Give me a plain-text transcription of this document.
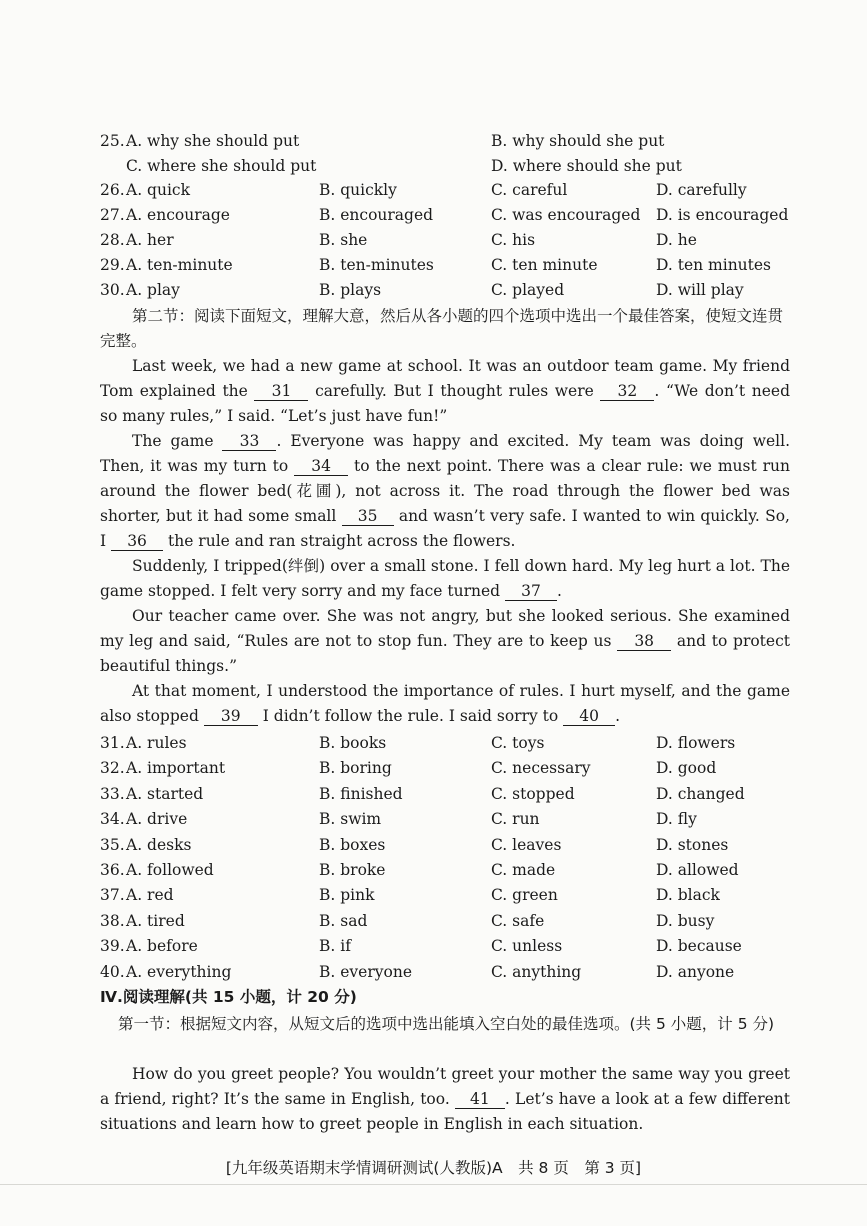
25. A. why she should put	B. why should she put
C. where she should put	D. where should she put
26. A. quick	B. quickly	C. careful	D. carefully
27. A. encourage	B. encouraged	C. was encouraged D. is encouraged
28. A. her	B. she	C. his	D. he
29. A. ten-minute	B. ten-minutes	C. ten minute	D. ten minutes
30. A. play	B. plays	C. played	D. will play
第二节：阅读下面短文，理解大意，然后从各小题的四个选项中选出一个最佳答案，使短文连贯完整。

Last week, we had a new game at school. It was an outdoor team game. My friend Tom explained the 31 carefully. But I thought rules were 32 . “We don’t need so many rules,” I said. “Let’s just have fun!”

The game 33 . Everyone was happy and excited. My team was doing well. Then, it was my turn to 34 to the next point. There was a clear rule: we must run around the flower bed(花圃), not across it. The road through the flower bed was shorter, but it had some small 35 and wasn’t very safe. I wanted to win quickly. So, I 36 the rule and ran straight across the flowers.

Suddenly, I tripped(绊倒) over a small stone. I fell down hard. My leg hurt a lot. The game stopped. I felt very sorry and my face turned 37 .

Our teacher came over. She was not angry, but she looked serious. She examined my leg and said, “Rules are not to stop fun. They are to keep us 38 and to protect beautiful things.”

At that moment, I understood the importance of rules. I hurt myself, and the game also stopped 39 I didn’t follow the rule. I said sorry to 40 .

31. A. rules	B. books	C. toys	D. flowers
32. A. important	B. boring	C. necessary	D. good
33. A. started	B. finished	C. stopped	D. changed
34. A. drive	B. swim	C. run	D. fly
35. A. desks	B. boxes	C. leaves	D. stones
36. A. followed	B. broke	C. made	D. allowed
37. A. red	B. pink	C. green	D. black
38. A. tired	B. sad	C. safe	D. busy
39. A. before	B. if	C. unless	D. because
40. A. everything	B. everyone	C. anything	D. anyone
Ⅳ.阅读理解(共 15 小题，计 20 分)
第一节：根据短文内容，从短文后的选项中选出能填入空白处的最佳选项。(共 5 小题，计 5 分)

How do you greet people? You wouldn’t greet your mother the same way you greet a friend, right? It’s the same in English, too. 41 . Let’s have a look at a few different situations and learn how to greet people in English in each situation.

[九年级英语期末学情调研测试(人教版)A　共 8 页　第 3 页]
